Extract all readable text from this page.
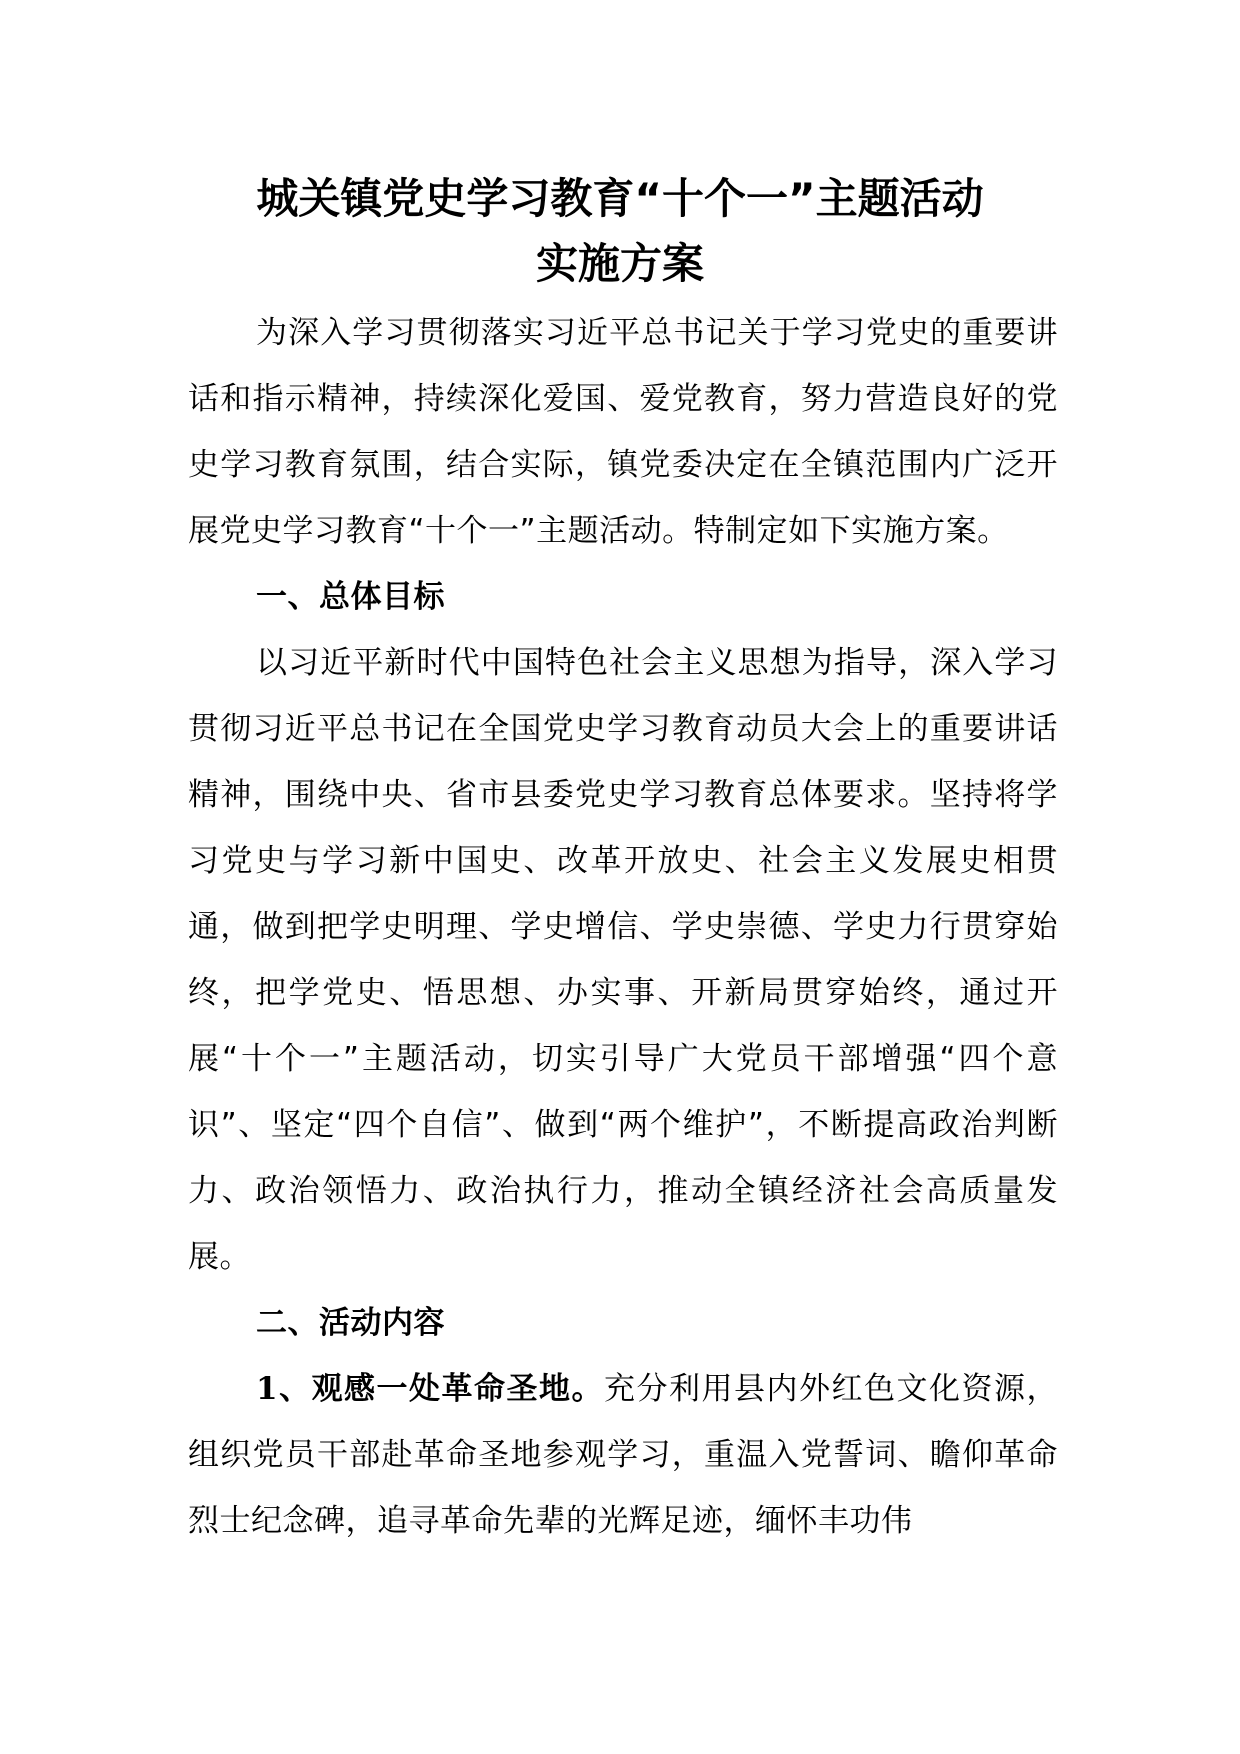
城关镇党史学习教育“十个一”主题活动
实施方案

为深入学习贯彻落实习近平总书记关于学习党史的重要讲话和指示精神，持续深化爱国、爱党教育，努力营造良好的党史学习教育氛围，结合实际，镇党委决定在全镇范围内广泛开展党史学习教育“十个一”主题活动。特制定如下实施方案。

一、总体目标

以习近平新时代中国特色社会主义思想为指导，深入学习贯彻习近平总书记在全国党史学习教育动员大会上的重要讲话精神，围绕中央、省市县委党史学习教育总体要求。坚持将学习党史与学习新中国史、改革开放史、社会主义发展史相贯通，做到把学史明理、学史增信、学史崇德、学史力行贯穿始终，把学党史、悟思想、办实事、开新局贯穿始终，通过开展“十个一”主题活动，切实引导广大党员干部增强“四个意识”、坚定“四个自信”、做到“两个维护”，不断提高政治判断力、政治领悟力、政治执行力，推动全镇经济社会高质量发展。

二、活动内容

1、观感一处革命圣地。充分利用县内外红色文化资源，组织党员干部赴革命圣地参观学习，重温入党誓词、瞻仰革命烈士纪念碑，追寻革命先辈的光辉足迹，缅怀丰功伟
